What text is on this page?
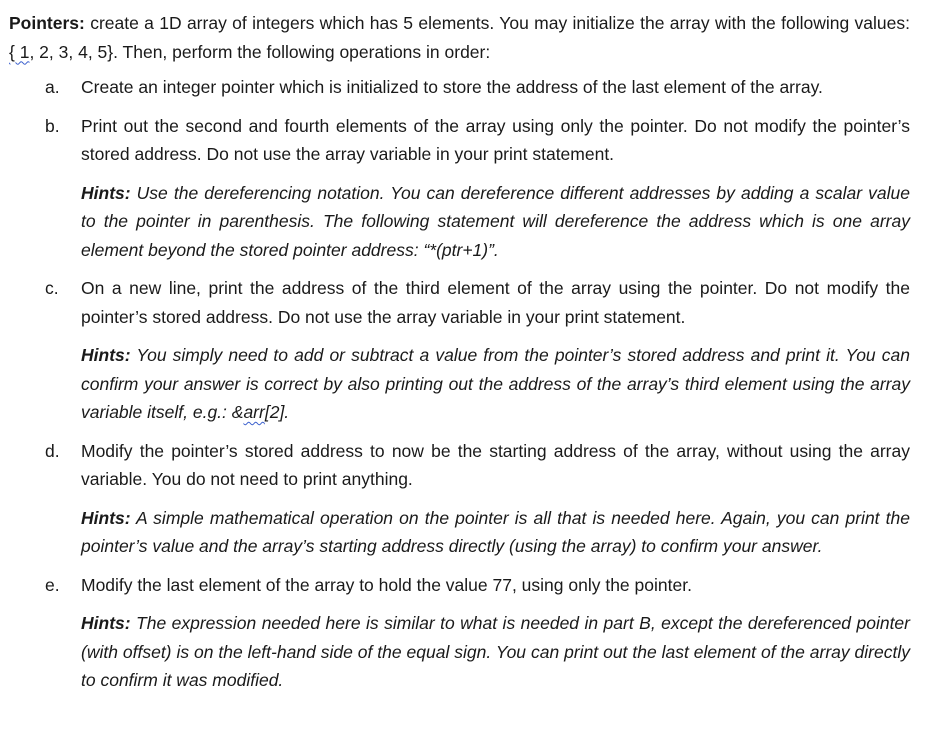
Pointers: create a 1D array of integers which has 5 elements. You may initialize the array with the following values: { 1, 2, 3, 4, 5}. Then, perform the following operations in order:

a.	Create an integer pointer which is initialized to store the address of the last element of the array.

b.	Print out the second and fourth elements of the array using only the pointer. Do not modify the pointer’s stored address. Do not use the array variable in your print statement.

Hints: Use the dereferencing notation. You can dereference different addresses by adding a scalar value to the pointer in parenthesis. The following statement will dereference the address which is one array element beyond the stored pointer address: “*(ptr+1)”.

c.	On a new line, print the address of the third element of the array using the pointer. Do not modify the pointer’s stored address. Do not use the array variable in your print statement.

Hints: You simply need to add or subtract a value from the pointer’s stored address and print it. You can confirm your answer is correct by also printing out the address of the array’s third element using the array variable itself, e.g.: &arr[2].

d.	Modify the pointer’s stored address to now be the starting address of the array, without using the array variable. You do not need to print anything.

Hints: A simple mathematical operation on the pointer is all that is needed here. Again, you can print the pointer’s value and the array’s starting address directly (using the array) to confirm your answer.

e.	Modify the last element of the array to hold the value 77, using only the pointer.

Hints: The expression needed here is similar to what is needed in part B, except the dereferenced pointer (with offset) is on the left-hand side of the equal sign. You can print out the last element of the array directly to confirm it was modified.
